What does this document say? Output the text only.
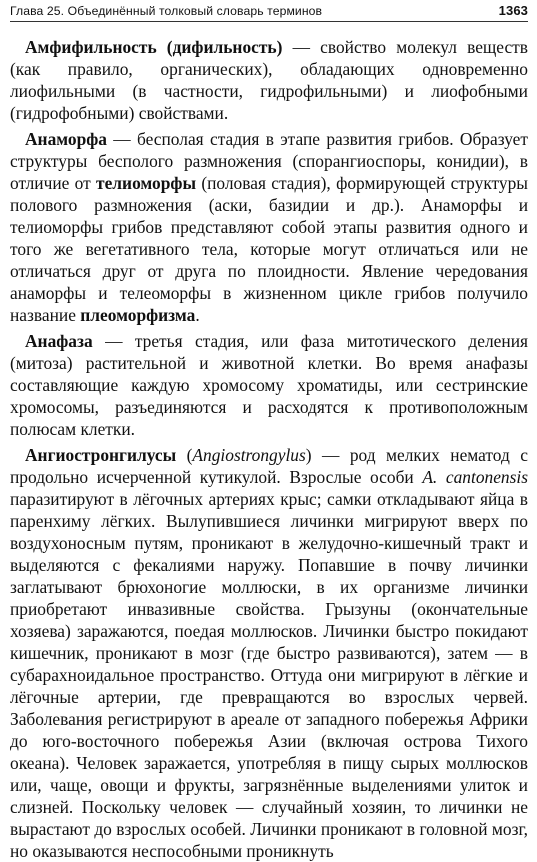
Глава 25. Объединённый толковый словарь терминов	1363

Амфифильность (дифильность) — свойство молекул веществ (как правило, органических), обладающих одновременно лиофильными (в частности, гидрофильными) и лиофобными (гидрофобными) свойствами.

Анаморфа — бесполая стадия в этапе развития грибов. Образует структуры бесполого размножения (спорангиоспоры, конидии), в отличие от телиоморфы (половая стадия), формирующей структуры полового размножения (аски, базидии и др.). Анаморфы и телиоморфы грибов представляют собой этапы развития одного и того же вегетативного тела, которые могут отличаться или не отличаться друг от друга по плоидности. Явление чередования анаморфы и телеоморфы в жизненном цикле грибов получило название плеоморфизма.

Анафаза — третья стадия, или фаза митотического деления (митоза) растительной и животной клетки. Во время анафазы составляющие каждую хромосому хроматиды, или сестринские хромосомы, разъединяются и расходятся к противоположным полюсам клетки.

Ангиостронгилусы (Angiostrongylus) — род мелких нематод с продольно исчерченной кутикулой. Взрослые особи A. cantonensis паразитируют в лёгочных артериях крыс; самки откладывают яйца в паренхиму лёгких. Вылупившиеся личинки мигрируют вверх по воздухоносным путям, проникают в желудочно-кишечный тракт и выделяются с фекалиями наружу. Попавшие в почву личинки заглатывают брюхоногие моллюски, в их организме личинки приобретают инвазивные свойства. Грызуны (окончательные хозяева) заражаются, поедая моллюсков. Личинки быстро покидают кишечник, проникают в мозг (где быстро развиваются), затем — в субарахноидальное пространство. Оттуда они мигрируют в лёгкие и лёгочные артерии, где превращаются во взрослых червей. Заболевания регистрируют в ареале от западного побережья Африки до юго-восточного побережья Азии (включая острова Тихого океана). Человек заражается, употребляя в пищу сырых моллюсков или, чаще, овощи и фрукты, загрязнённые выделениями улиток и слизней. Поскольку человек — случайный хозяин, то личинки не вырастают до взрослых особей. Личинки проникают в головной мозг, но оказываются неспособными проникнуть
